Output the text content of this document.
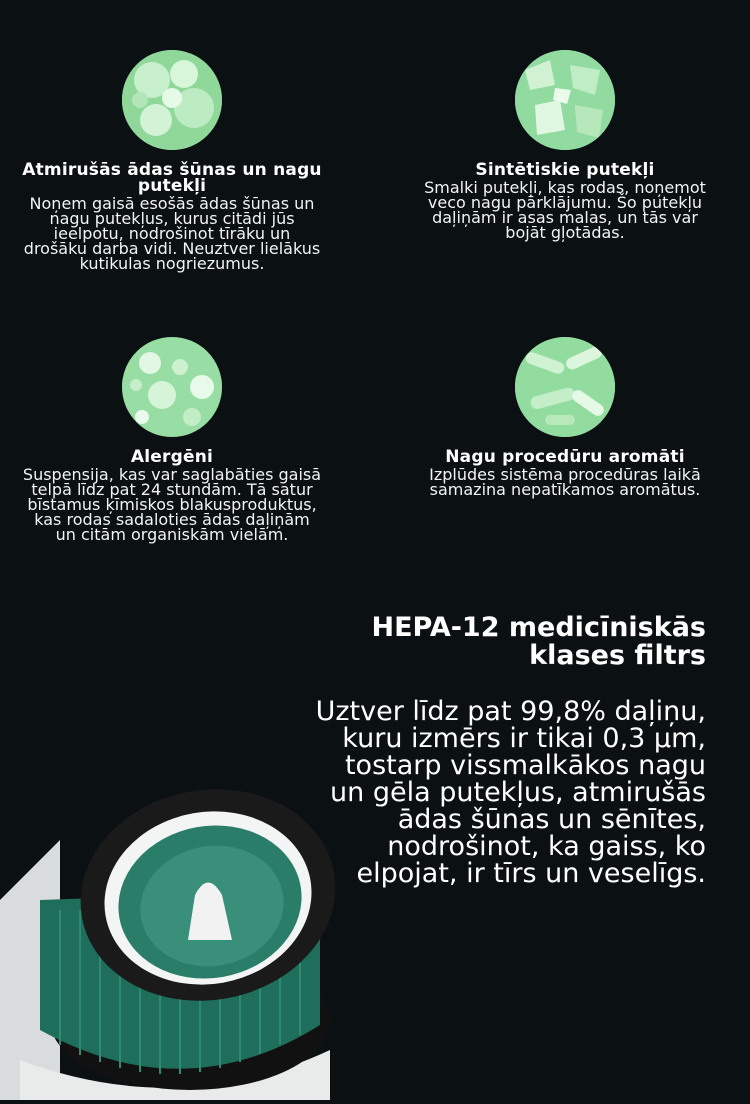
Atmirušās ādas šūnas un nagu putekļi
Noņem gaisā esošās ādas šūnas un nagu putekļus, kurus citādi jūs ieelpotu, nodrošinot tīrāku un drošāku darba vidi. Neuztver lielākus kutikulas nogriezumus.
Sintētiskie putekļi
Smalki putekļi, kas rodas, noņemot veco nagu pārklājumu. Šo putekļu daļiņām ir asas malas, un tās var bojāt gļotādas.
Alergēni
Suspensija, kas var saglabāties gaisā telpā līdz pat 24 stundām. Tā satur bīstamus ķīmiskos blakusproduktus, kas rodas sadaloties ādas daļiņām un citām organiskām vielām.
Nagu procedūru aromāti
Izplūdes sistēma procedūras laikā samazina nepatīkamos aromātus.
HEPA-12 medicīniskās klases filtrs
Uztver līdz pat 99,8% daļiņu, kuru izmērs ir tikai 0,3 µm, tostarp vissmalkākos nagu un gēla putekļus, atmirušās ādas šūnas un sēnītes, nodrošinot, ka gaiss, ko elpojat, ir tīrs un veselīgs.
